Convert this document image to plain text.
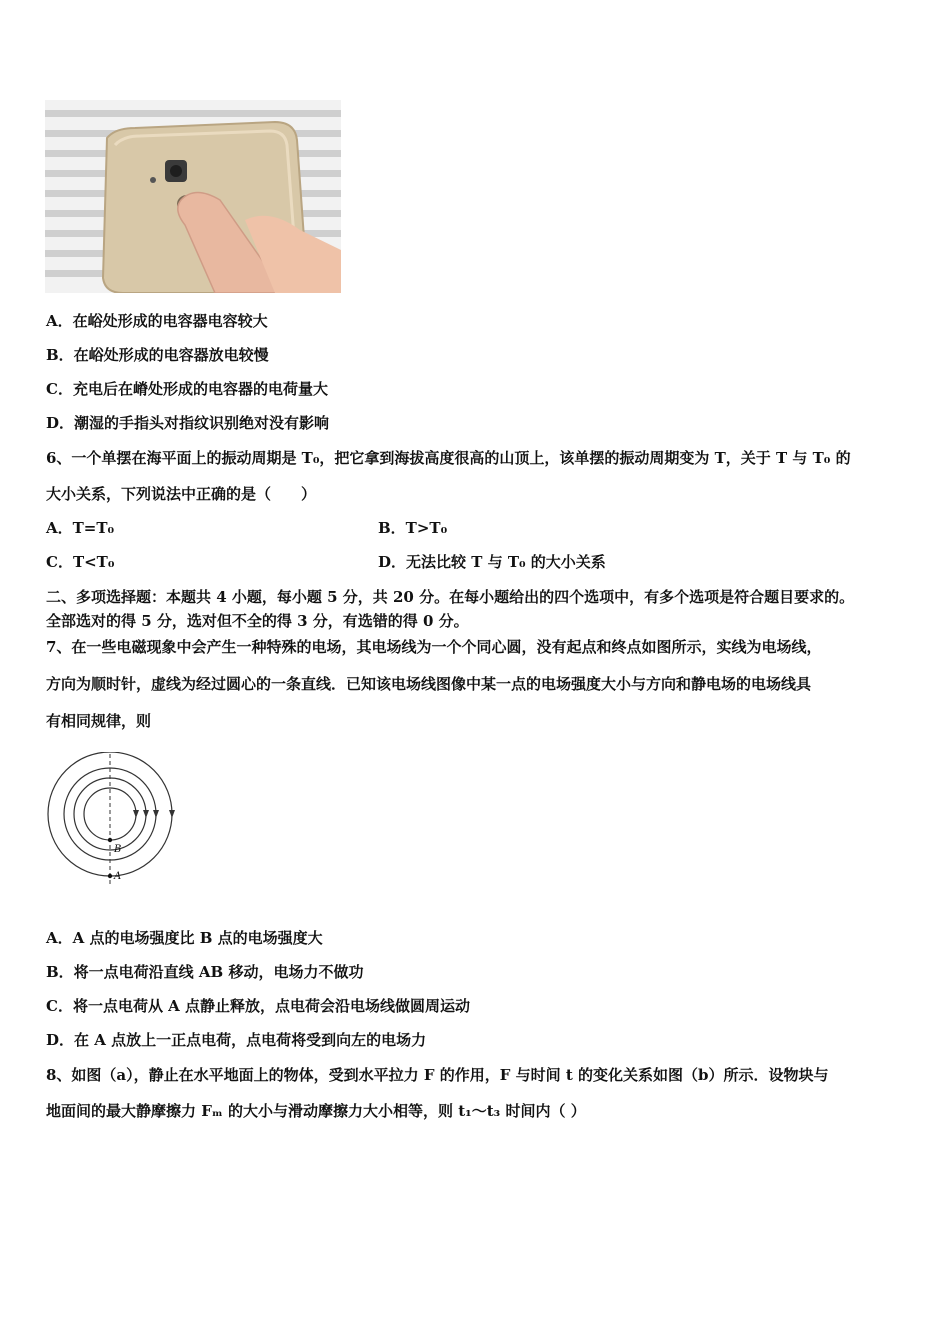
A．在峪处形成的电容器电容较大
B．在峪处形成的电容器放电较慢
C．充电后在嵴处形成的电容器的电荷量大
D．潮湿的手指头对指纹识别绝对没有影响
6、一个单摆在海平面上的振动周期是 T₀，把它拿到海拔高度很高的山顶上，该单摆的振动周期变为 T，关于 T 与 T₀ 的
大小关系，下列说法中正确的是（　　）
A．T=T₀	B．T>T₀
C．T<T₀	D．无法比较 T 与 T₀ 的大小关系
二、多项选择题：本题共 4 小题，每小题 5 分，共 20 分。在每小题给出的四个选项中，有多个选项是符合题目要求的。
全部选对的得 5 分，选对但不全的得 3 分，有选错的得 0 分。
7、在一些电磁现象中会产生一种特殊的电场，其电场线为一个个同心圆，没有起点和终点如图所示，实线为电场线，
方向为顺时针，虚线为经过圆心的一条直线．已知该电场线图像中某一点的电场强度大小与方向和静电场的电场线具
有相同规律，则
B
A
A．A 点的电场强度比 B 点的电场强度大
B．将一点电荷沿直线 AB 移动，电场力不做功
C．将一点电荷从 A 点静止释放，点电荷会沿电场线做圆周运动
D．在 A 点放上一正点电荷，点电荷将受到向左的电场力
8、如图（a），静止在水平地面上的物体，受到水平拉力 F 的作用，F 与时间 t 的变化关系如图（b）所示．设物块与
地面间的最大静摩擦力 Fₘ 的大小与滑动摩擦力大小相等，则 t₁～t₃ 时间内（ ）
